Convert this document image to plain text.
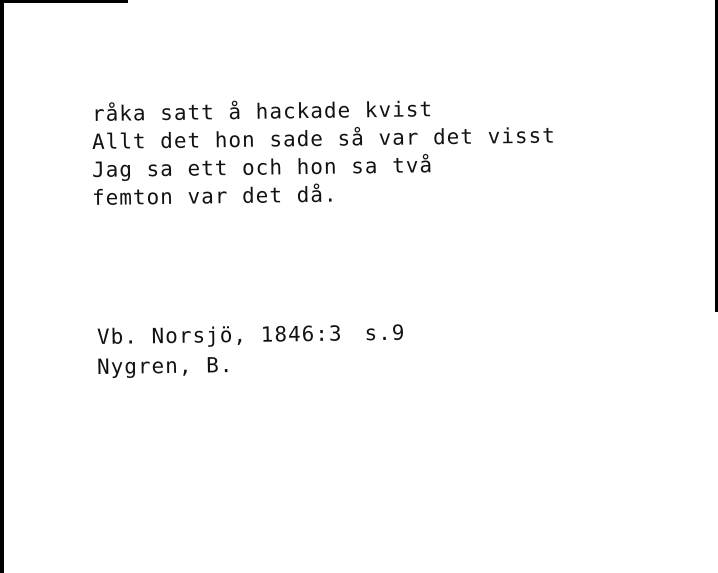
råka satt å hackade kvist
Allt det hon sade så var det visst
Jag sa ett och hon sa två
femton var det då.
Vb. Norsjö, 1846:3 s.9
Nygren, B.
